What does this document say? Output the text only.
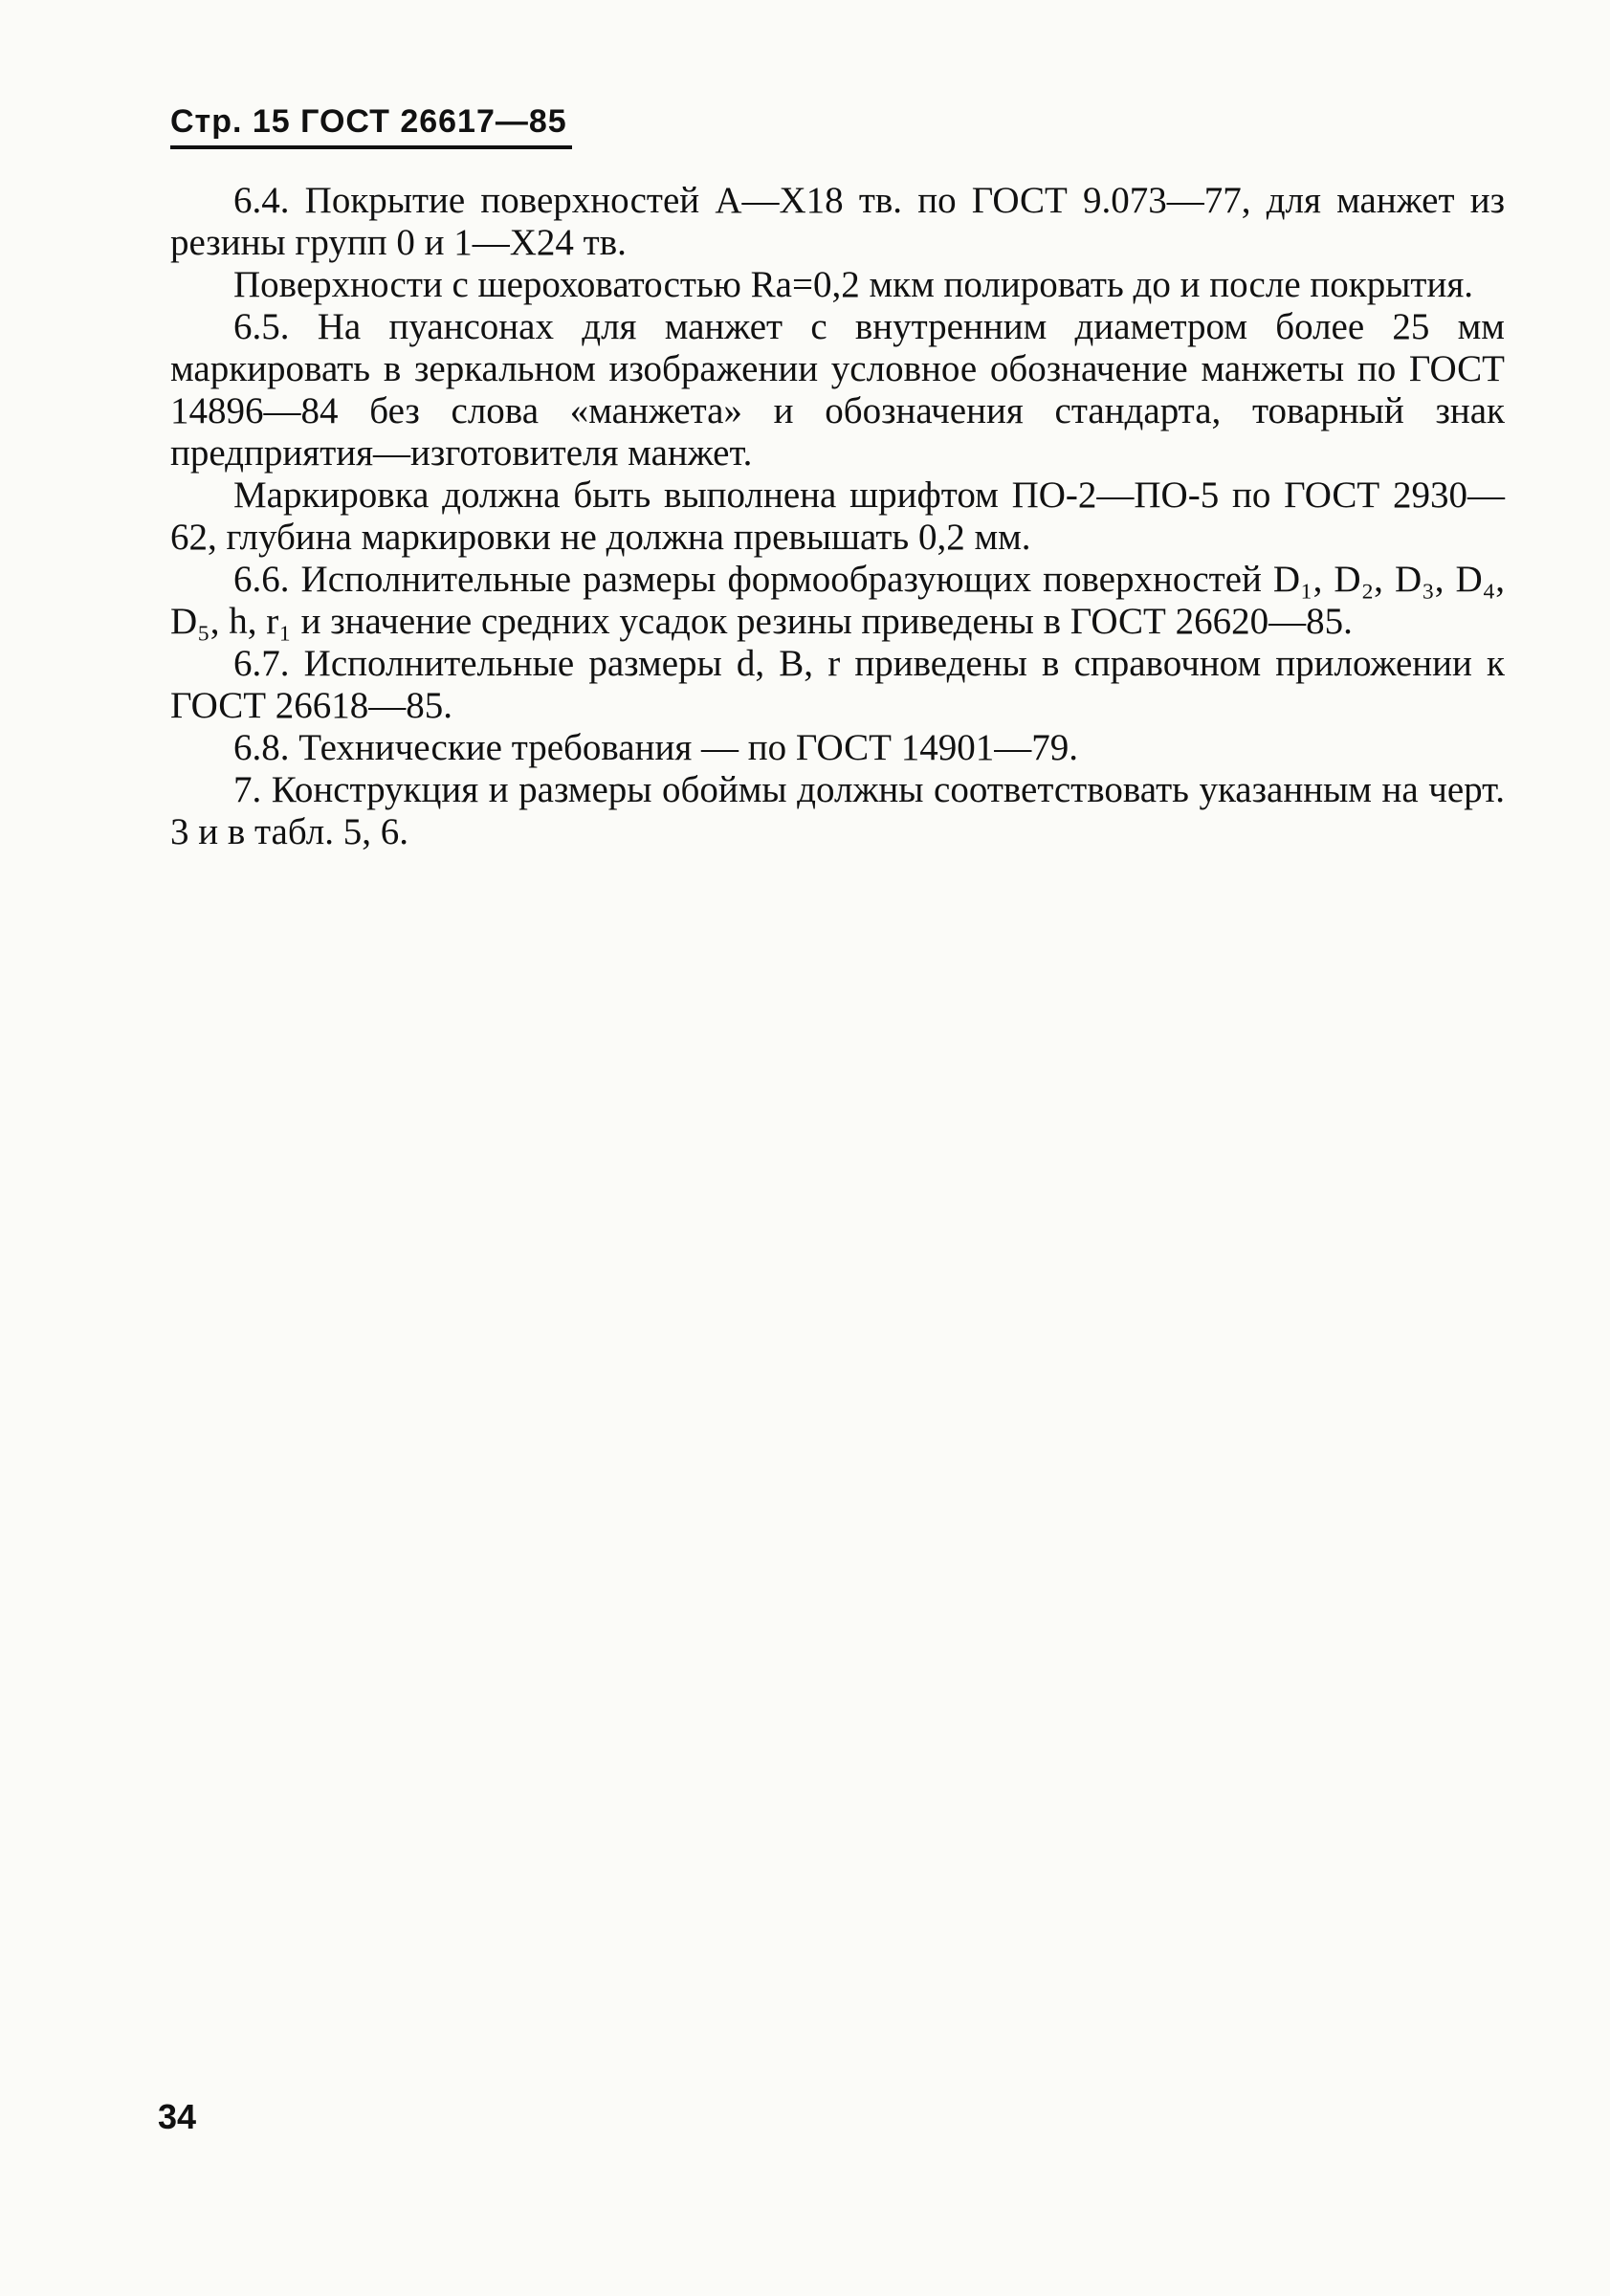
Стр. 15 ГОСТ 26617—85

6.4. Покрытие поверхностей А—Х18 тв. по ГОСТ 9.073—77, для манжет из резины групп 0 и 1—Х24 тв.

Поверхности с шероховатостью Ra=0,2 мкм полировать до и после покрытия.

6.5. На пуансонах для манжет с внутренним диаметром более 25 мм маркировать в зеркальном изображении условное обозначение манжеты по ГОСТ 14896—84 без слова «манжета» и обозначения стандарта, товарный знак предприятия—изготовителя манжет.

Маркировка должна быть выполнена шрифтом ПО-2—ПО-5 по ГОСТ 2930—62, глубина маркировки не должна превышать 0,2 мм.

6.6. Исполнительные размеры формообразующих поверхностей D₁, D₂, D₃, D₄, D₅, h, r₁ и значение средних усадок резины приведены в ГОСТ 26620—85.

6.7. Исполнительные размеры d, B, r приведены в справочном приложении к ГОСТ 26618—85.

6.8. Технические требования — по ГОСТ 14901—79.

7. Конструкция и размеры обоймы должны соответствовать указанным на черт. 3 и в табл. 5, 6.

34
